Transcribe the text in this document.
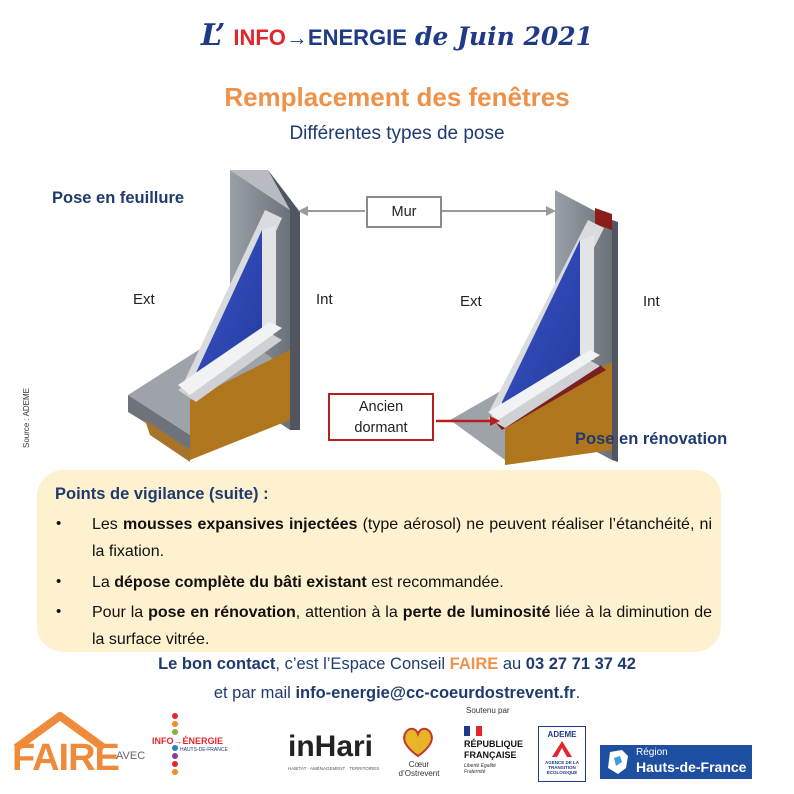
L’ INFO→ENERGIE de Juin 2021
Remplacement des fenêtres
Différentes types de pose
Pose en feuillure
Pose en rénovation
Mur
Ext	Int	Ext	Int
Ancien
dormant
Source : ADEME
Points de vigilance (suite) :
• Les mousses expansives injectées (type aérosol) ne peuvent réaliser l’étanchéité, ni la fixation.
• La dépose complète du bâti existant est recommandée.
• Pour la pose en rénovation, attention à la perte de luminosité liée à la diminution de la surface vitrée.
Le bon contact, c’est l’Espace Conseil FAIRE au 03 27 71 37 42
et par mail info-energie@cc-coeurdostrevent.fr.
FAIRE
AVEC
INFO→ÉNERGIE
HAUTS-DE-FRANCE inHari
HABITAT · AMÉNAGEMENT · TERRITOIRES	Cœur d’Ostrevent
Soutenu par
RÉPUBLIQUE
FRANÇAISE
Liberté Égalité Fraternité
ADEME
AGENCE DE LA TRANSITION ÉCOLOGIQUE
Région
Hauts-de-France
